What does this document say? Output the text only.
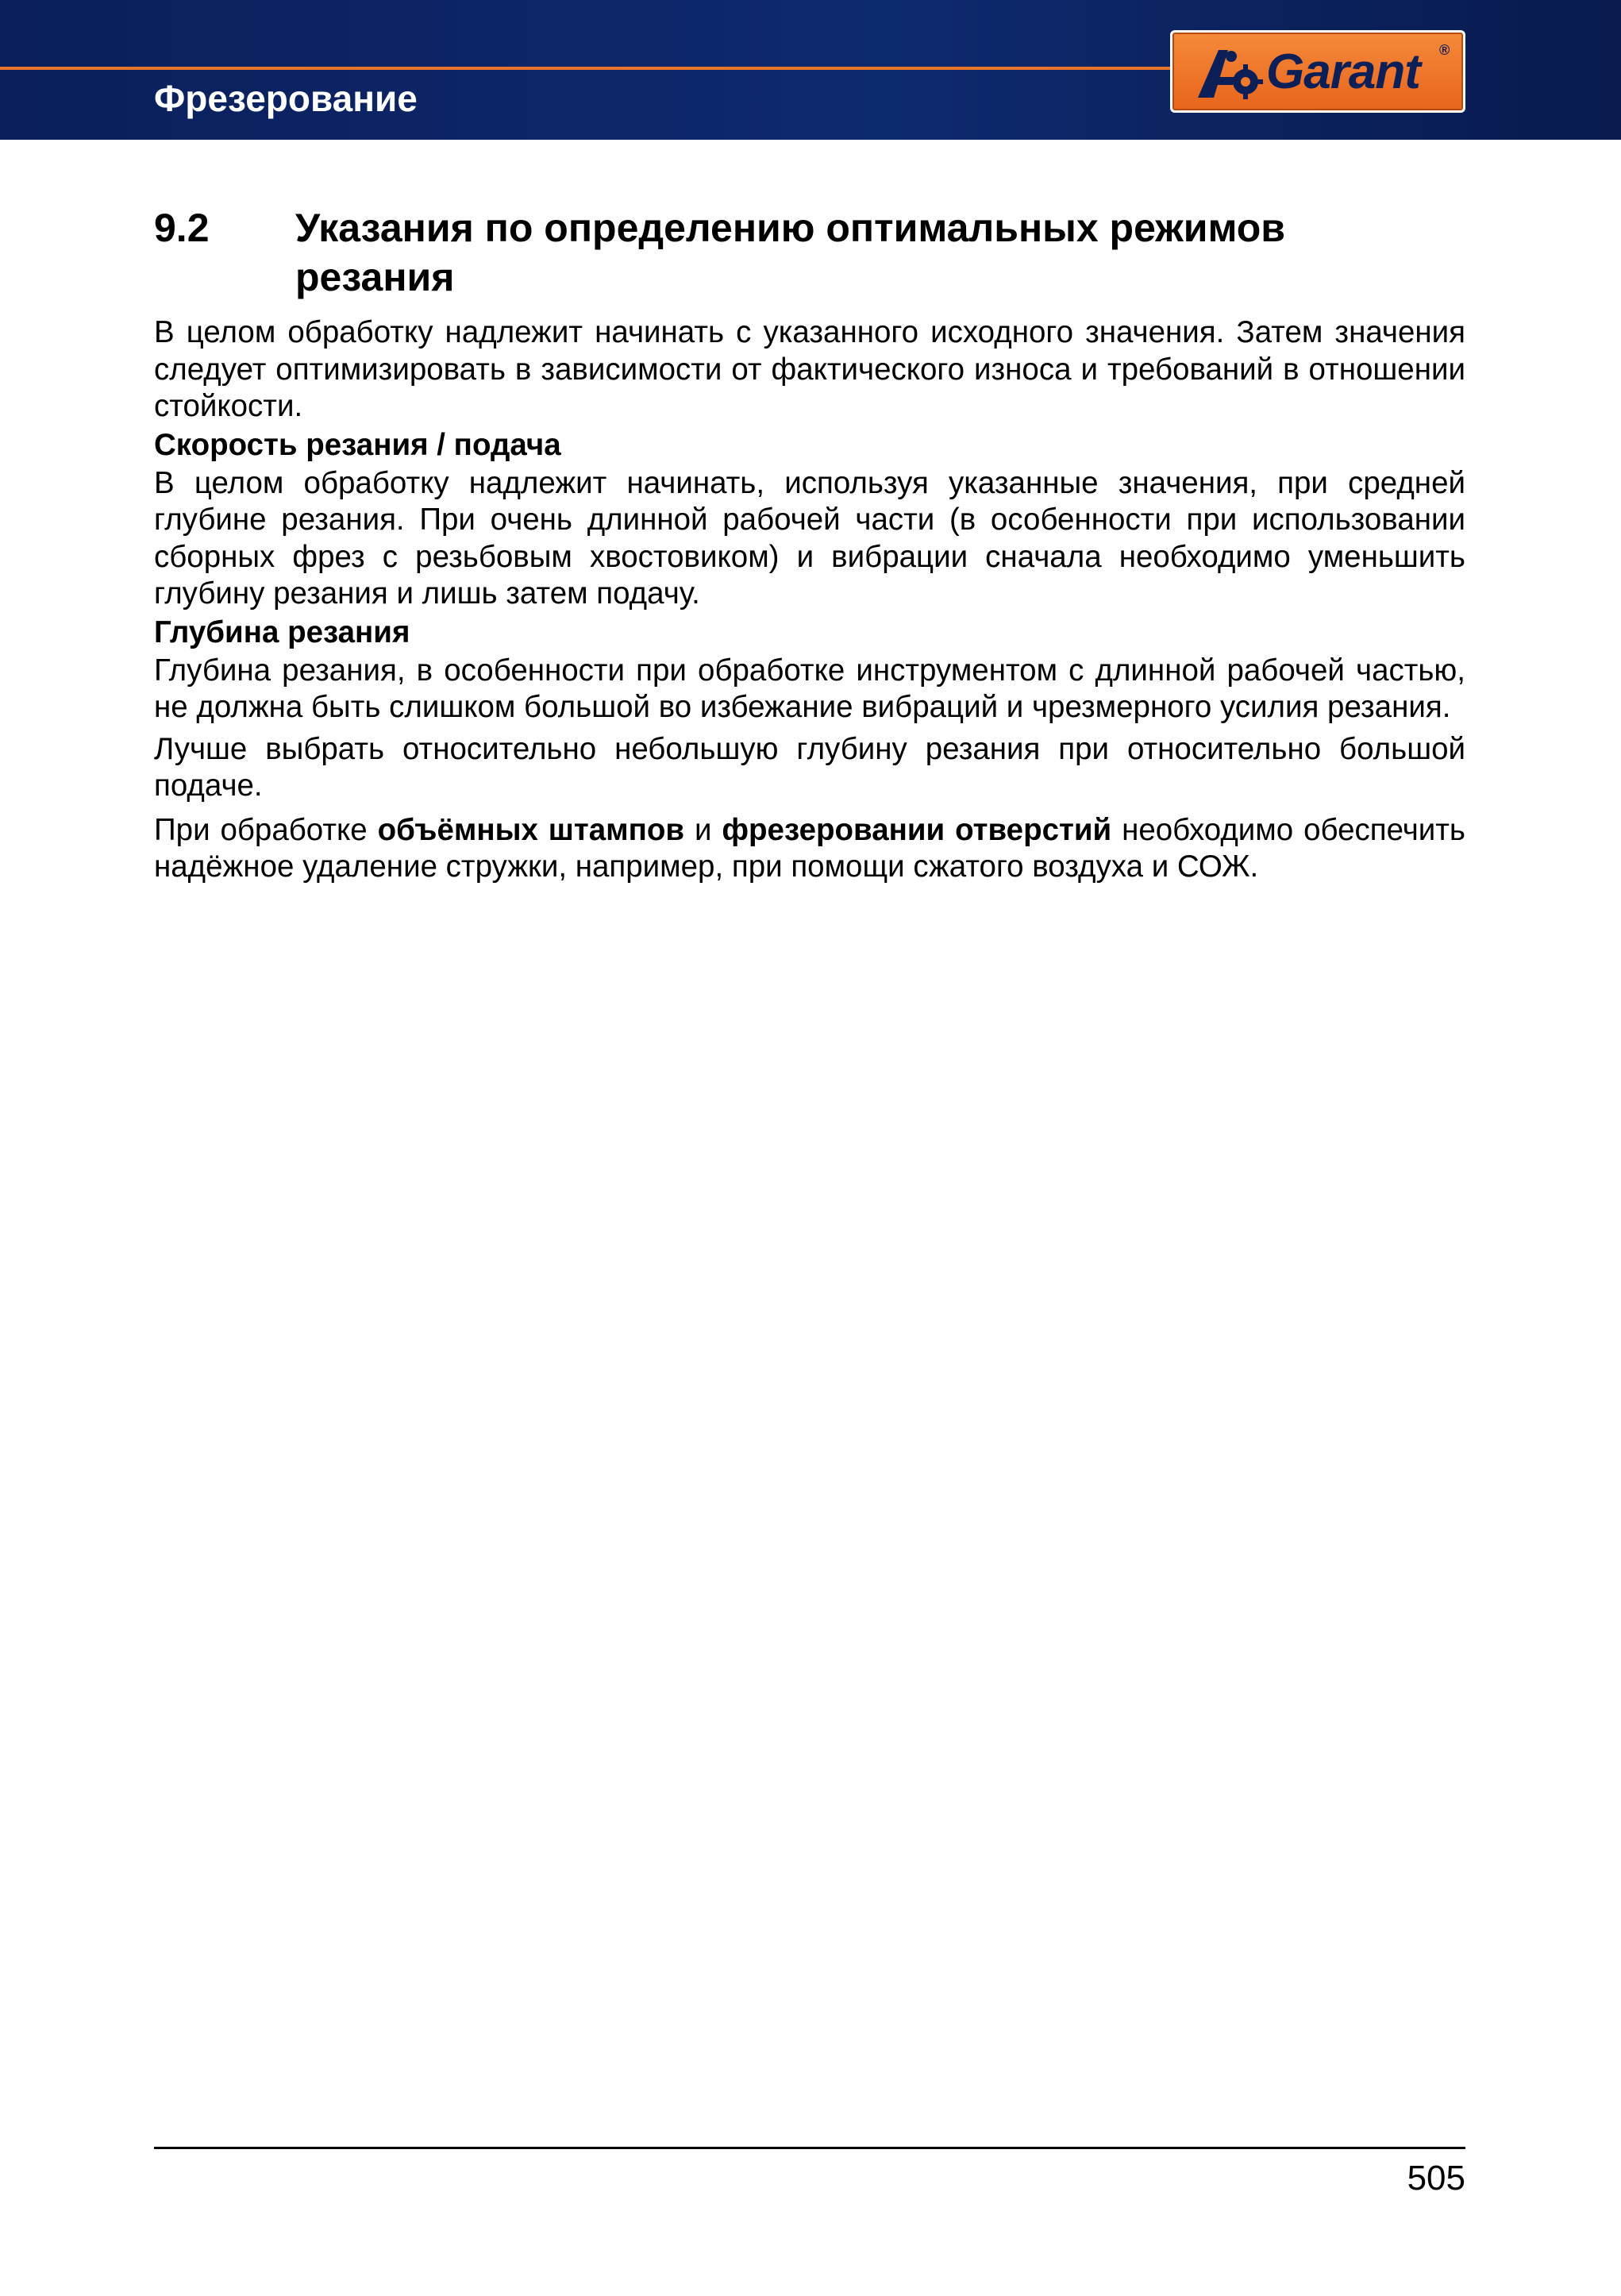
Фрезерование	Garant ®
9.2 Указания по определению оптимальных режимов резания

В целом обработку надлежит начинать с указанного исходного значения. Затем значения следует оптимизировать в зависимости от фактического износа и требований в отношении стойкости.

Скорость резания / подача

В целом обработку надлежит начинать, используя указанные значения, при средней глубине резания. При очень длинной рабочей части (в особенности при использовании сборных фрез с резьбовым хвостовиком) и вибрации сначала необходимо уменьшить глубину резания и лишь затем подачу.

Глубина резания

Глубина резания, в особенности при обработке инструментом с длинной рабочей частью, не должна быть слишком большой во избежание вибраций и чрезмерного усилия резания.

Лучше выбрать относительно небольшую глубину резания при относительно большой подаче.

При обработке объёмных штампов и фрезеровании отверстий необходимо обеспечить надёжное удаление стружки, например, при помощи сжатого воздуха и СОЖ.

505
